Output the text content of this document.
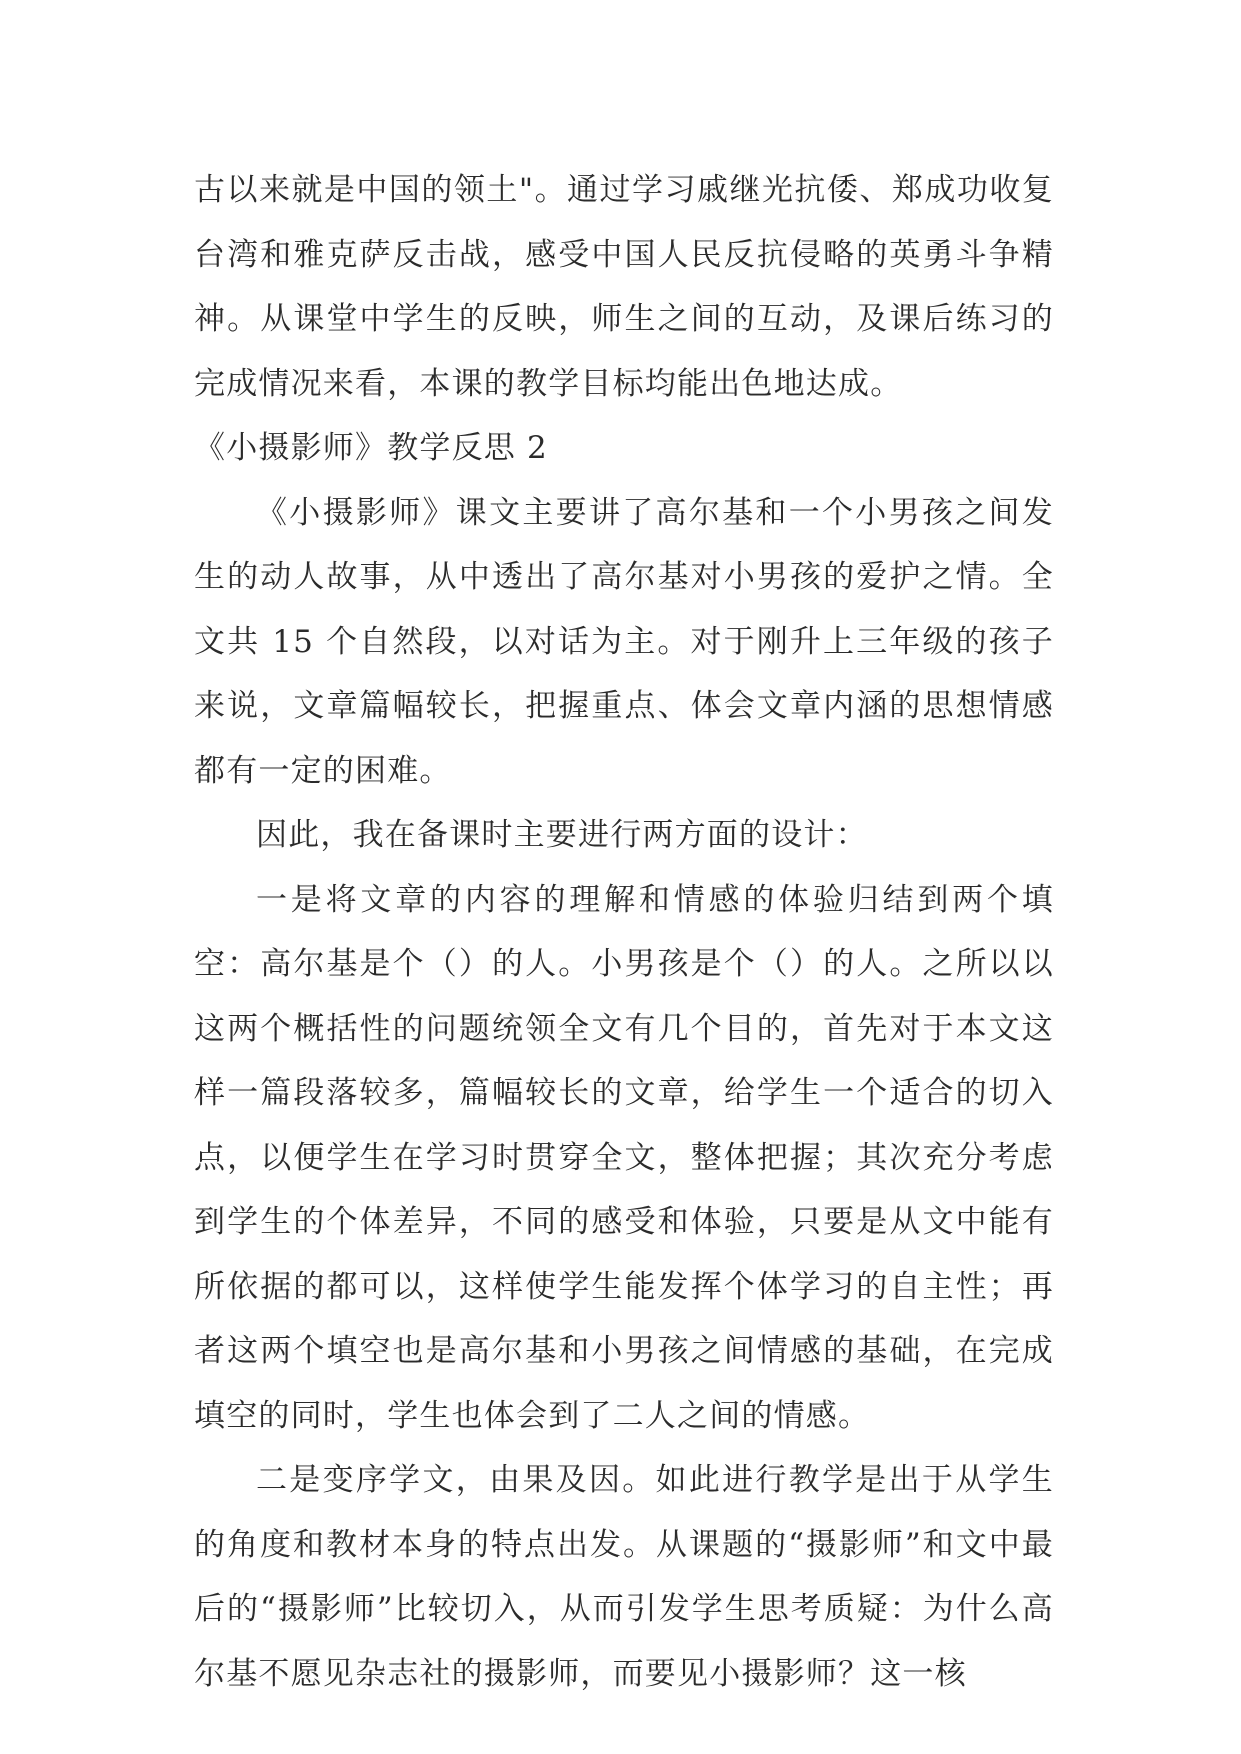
古以来就是中国的领土"。通过学习戚继光抗倭、郑成功收复台湾和雅克萨反击战，感受中国人民反抗侵略的英勇斗争精神。从课堂中学生的反映，师生之间的互动，及课后练习的完成情况来看，本课的教学目标均能出色地达成。

《小摄影师》教学反思 2

《小摄影师》课文主要讲了高尔基和一个小男孩之间发生的动人故事，从中透出了高尔基对小男孩的爱护之情。全文共 15 个自然段，以对话为主。对于刚升上三年级的孩子来说，文章篇幅较长，把握重点、体会文章内涵的思想情感都有一定的困难。

因此，我在备课时主要进行两方面的设计：

一是将文章的内容的理解和情感的体验归结到两个填空：高尔基是个（）的人。小男孩是个（）的人。之所以以这两个概括性的问题统领全文有几个目的，首先对于本文这样一篇段落较多，篇幅较长的文章，给学生一个适合的切入点，以便学生在学习时贯穿全文，整体把握；其次充分考虑到学生的个体差异，不同的感受和体验，只要是从文中能有所依据的都可以，这样使学生能发挥个体学习的自主性；再者这两个填空也是高尔基和小男孩之间情感的基础，在完成填空的同时，学生也体会到了二人之间的情感。

二是变序学文，由果及因。如此进行教学是出于从学生的角度和教材本身的特点出发。从课题的“摄影师”和文中最后的“摄影师”比较切入，从而引发学生思考质疑：为什么高尔基不愿见杂志社的摄影师，而要见小摄影师？这一核
